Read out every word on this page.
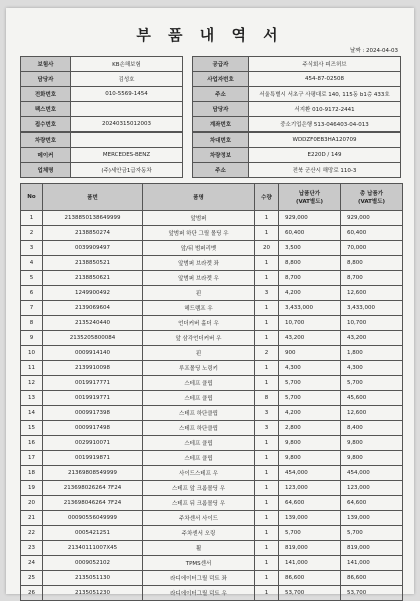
부 품 내 역 서
날짜 : 2024-04-03
보험사	KB손해보험		공급자	주식회사 피즈허브
담당자	김성호		사업자번호	454-87-02508
전화번호	010-5569-1454		주소	서울특별시 서초구 사평대로 140, 115동 b1층 433호
팩스번호			담당자	서지환 010-9172-2441
접수번호	20240315012003		계좌번호	중소기업은행 513-046403-04-013
차량번호			차대번호	WDDZF0EB3HA120709
메이커	MERCEDES-BENZ		차량정보	E220D / 149
업체명	(주)세안금1급자동차		주소	전북 군산시 해망로 110-3
No	품번	품명	수량	납품단가
(VAT별도)	총 납품가
(VAT별도)
1	2138850138649999	앞범퍼	1	929,000	929,000
2	2138850274	앞범퍼 하단 그릴 몰딩 우	1	60,400	60,400
3	0039909497	앞/뒤 범퍼리벳	20	3,500	70,000
4	2138850521	앞범퍼 브라켓 좌	1	8,800	8,800
5	2138850621	앞범퍼 브라켓 우	1	8,700	8,700
6	1249900492	핀	3	4,200	12,600
7	2139069604	헤드램프 우	1	3,433,000	3,433,000
8	2135240440	언더커버 홀더 우	1	10,700	10,700
9	2135205800084	앞 삼각언더커버 우	1	43,200	43,200
10	0009914140	핀	2	900	1,800
11	2139910098	루프몰딩 노링키	1	4,300	4,300
12	0019917771	스테프 클립	1	5,700	5,700
13	0019919771	스테프 클립	8	5,700	45,600
14	0009917398	스테프 하단클립	3	4,200	12,600
15	0009917498	스테프 하단클립	3	2,800	8,400
16	0029910071	스테프 클립	1	9,800	9,800
17	0019919871	스테프 클립	1	9,800	9,800
18	21369808549999	사이드스테프 우	1	454,000	454,000
19	213698026264 7F24	스테프 앞 크롬몰딩 우	1	123,000	123,000
20	213698046264 7F24	스테프 뒤 크롬몰딩 우	1	64,600	64,600
21	00090556049999	주차센서 사이드	1	139,000	139,000
22	0005421251	주차센서 오링	1	5,700	5,700
23	21340111007X45	휠	1	819,000	819,000
24	0009052102	TPMS센서	1	141,000	141,000
25	2135051130	라디에이터그릴 덕트 좌	1	86,600	86,600
26	2135051230	라디에이터그릴 덕트 우	1	53,700	53,700
